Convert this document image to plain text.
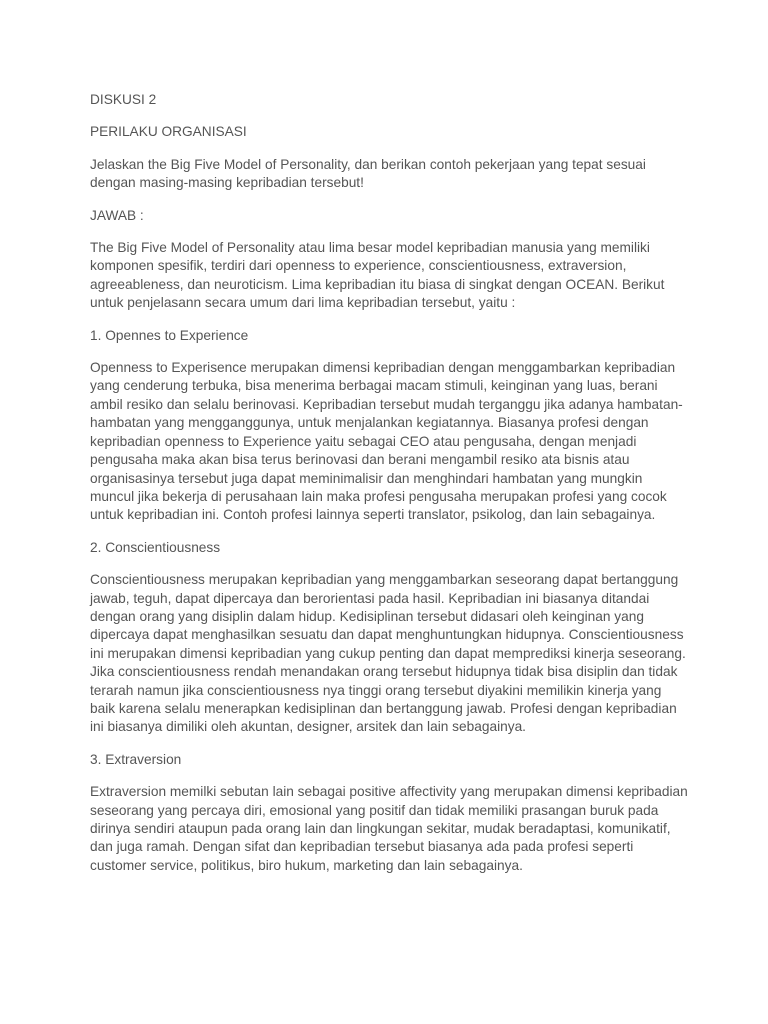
DISKUSI 2

PERILAKU ORGANISASI

Jelaskan the Big Five Model of Personality, dan berikan contoh pekerjaan yang tepat sesuai dengan masing-masing kepribadian tersebut!

JAWAB :

The Big Five Model of Personality atau lima besar model kepribadian manusia yang memiliki komponen spesifik, terdiri dari openness to experience, conscientiousness, extraversion, agreeableness, dan neuroticism. Lima kepribadian itu biasa di singkat dengan OCEAN. Berikut untuk penjelasann secara umum dari lima kepribadian tersebut, yaitu :

1. Opennes to Experience

Openness to Experisence merupakan dimensi kepribadian dengan menggambarkan kepribadian yang cenderung terbuka, bisa menerima berbagai macam stimuli, keinginan yang luas, berani ambil resiko dan selalu berinovasi. Kepribadian tersebut mudah terganggu jika adanya hambatan-hambatan yang mengganggunya, untuk menjalankan kegiatannya. Biasanya profesi dengan kepribadian openness to Experience yaitu sebagai CEO atau pengusaha, dengan menjadi pengusaha maka akan bisa terus berinovasi dan berani mengambil resiko ata bisnis atau organisasinya tersebut juga dapat meminimalisir dan menghindari hambatan yang mungkin muncul jika bekerja di perusahaan lain maka profesi pengusaha merupakan profesi yang cocok untuk kepribadian ini. Contoh profesi lainnya seperti translator, psikolog, dan lain sebagainya.

2. Conscientiousness

Conscientiousness merupakan kepribadian yang menggambarkan seseorang dapat bertanggung jawab, teguh, dapat dipercaya dan berorientasi pada hasil. Kepribadian ini biasanya ditandai dengan orang yang disiplin dalam hidup. Kedisiplinan tersebut didasari oleh keinginan yang dipercaya dapat menghasilkan sesuatu dan dapat menghuntungkan hidupnya. Conscientiousness ini merupakan dimensi kepribadian yang cukup penting dan dapat memprediksi kinerja seseorang. Jika conscientiousness rendah menandakan orang tersebut hidupnya tidak bisa disiplin dan tidak terarah namun jika conscientiousness nya tinggi orang tersebut diyakini memilikin kinerja yang baik karena selalu menerapkan kedisiplinan dan bertanggung jawab. Profesi dengan kepribadian ini biasanya dimiliki oleh akuntan, designer, arsitek dan lain sebagainya.

3. Extraversion

Extraversion memilki sebutan lain sebagai positive affectivity yang merupakan dimensi kepribadian seseorang yang percaya diri, emosional yang positif dan tidak memiliki prasangan buruk pada dirinya sendiri ataupun pada orang lain dan lingkungan sekitar, mudak beradaptasi, komunikatif, dan juga ramah. Dengan sifat dan kepribadian tersebut biasanya ada pada profesi seperti customer service, politikus, biro hukum, marketing dan lain sebagainya.
